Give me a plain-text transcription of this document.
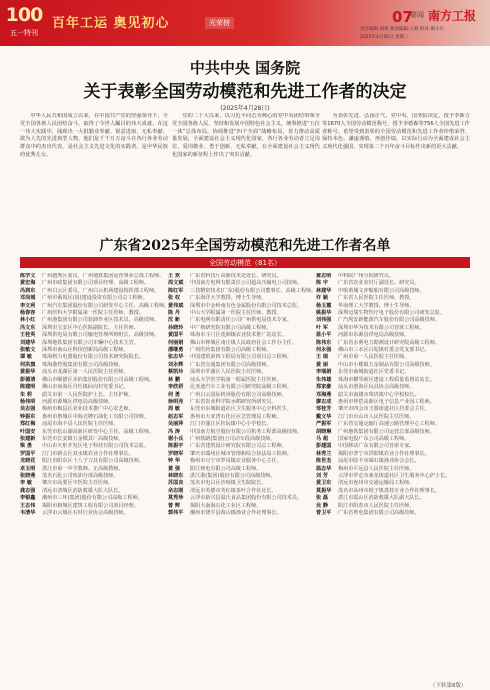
100
五一特刊
百年工运 奥见初心	光荣榜	07
要闻 南方工报
责任编辑:刘爽 版面编辑:王斌 校对:谢小兵
2025年4月30日 星期三
中共中央 国务院
关于表彰全国劳动模范和先进工作者的决定
(2025年4月28日)
中华人民共和国成立以来，在中国共产党的坚强领导下，全党全国各族人民团结奋斗，取得了令世人瞩目的伟大成就。在这一伟大实践中，涌现出一大批勤业奉献、锐意进取、无私奉献、敢为人先的先进典型人物，他们是千千万万奋斗在各行各业劳动群众中的杰出代表，是社会主义先进文化的实践者，是中华民族的优秀儿女。
党的二十大以来，以习近平同志为核心的党中央团结带领全党全国各族人民，坚持和发展中国特色社会主义，统筹推进“五位一体”总体布局，协调推进“四个全面”战略布局，着力推动高质量发展，全面建设社会主义现代化国家，各行各业劳动者立足岗位、爱岗敬业、勇于创新、无私奉献，在全面建设社会主义现代化国家的新征程上作出了突出贡献。
为表彰先进、弘扬正气，党中央、国务院决定，授予李新吉等1670人全国劳动模范称号，授予李德森等756人全国先进工作者称号。希望受到表彰的全国劳动模范和先进工作者珍惜荣誉、保持本色、谦虚谨慎、再创佳绩，以实际行动为全面建成社会主义现代化强国、实现第二个百年奋斗目标作出新的更大贡献。
广东省2025年全国劳动模范和先进工作者名单
全国劳动模范（81名）
陈学文	广州越秀区委员，广州地铁集团运营事业总部工程师。
黄宏海	广州市政集团有限公司项目经理、高级工程师。
冯润东	广州白云区委员，广州白云机场建设指挥部工程师。
邓岗城	广州市番禺区(禺)建设投资有限公司总工程师。
李文利	广州汽车集团股份有限公司研发中心主任、高级工程师。
杨春容	广州医科大学附属第一医院主任医师、教授。
林小红	广州港集团有限公司装卸作业区技术员、高级技师。
冯文东	深圳市宝安区中心医院副院长、主任医师。
王桂英	深圳供电局有限公司输电管理所班组长、高级技师。
刘建华	深圳地铁集团有限公司车辆中心技术主管。
张敏文	深圳市南山区科技创新局高级工程师。
谭 敏	珠海格力电器股份有限公司技术研究院院长。
何洪旗	珠海港控股集团有限公司高级技师。
黄振华	汕头市龙湖区第一人民医院主任医师。
彭德清	佛山市顺德区美的集团股份有限公司高级工程师。
陈建明	佛山市南海区丹灶镇仙岗村党委书记。
朱 莉	韶关市第一人民医院护士长、主任护师。
杨伟明	河源市源城区供电局高级技师。
吴志强	梅州市梅县区农业技术推广中心农艺师。
钟振东	惠州市惠城区中海壳牌石油化工有限公司技师。
郑红梅	汕尾市海丰县人民医院主任医师。
叶国安	东莞市松山湖高新区研发中心主任、高级工程师。
张建新	东莞市长安镇五金模具厂高级技师。
梁 勇	中山市火炬开发区电子科技有限公司技术总监。
罗国平	江门市新会区双水镇农业合作社理事长。
龙晓花	阳江市阳东区十八子刀具有限公司高级技师。
卓玉明	湛江市第一中学教师、正高级教师。
张晓燕	茂名石化公司炼油分部高级技师。
李 敏	肇庆市高要区中医院主任医师。
龚志强	清远市清城区消防救援大队大队长。
李银鑫	潮州市三环(集团)股份有限公司高级工程师。
王志伟	揭阳市榕城区建筑工程有限公司项目经理。
韦清华	云浮市云城区石材行业协会高级技师。
王 欢	广东省科技厅高新技术处处长、研究员。
周文斌	中国南方电网有限责任公司超高压输电公司技师。
陈红军	三技精密技术(广东)股份有限公司董事长、高级工程师。
张 权	广东海洋大学教授、博士生导师。
黄伟斌	深圳市中金岭南有色金属股份有限公司技术总监。
陈 丹	中山大学附属第一医院主任医师、教授。
沈 新	广东电网有限责任公司广州供电局技术专家。
孙晓玲	中广核研究院有限公司高级工程师。
黄国平	珠海市斗门区莲洲镇农业技术推广站站长。
何丽娟	佛山市禅城区南庄镇人民政府社会工作办主任。
潘继勇	广州医药集团有限公司高级工程师。
张志华	中国建筑第四工程局有限公司项目总工程师。
刘永辉	广东省交通集团有限公司高级技师。
蔡凯玲	深圳市罗湖区人民医院主任医师。
林 鹏	汕头大学医学院第一附属医院主任医师。
李欣妍	比亚迪汽车工业有限公司研究院高级工程师。
何 勇	广州白云国际机场股份有限公司高级技师。
徐明亮	广东省农业科学院水稻研究所研究员。
周 敏	东莞市东城街道社区卫生服务中心全科医生。
赵志军	惠州市大亚湾石化区应急管理局工程师。
吴丽萍	江门市蓬江区杜阮镇中心小学校长。
冯 涛	中国南方航空股份有限公司机务工程部高级技师。
谢小兵	广州铁路(集团)公司动车段高级技师。
陈振宇	广东省建筑设计研究院有限公司总工程师。
罗晓军	肇庆市端州区城市管理和综合执法局工程师。
钟 华	梅州市兴宁市罗岗镇农业服务中心主任。
黄 强	阳江核电有限公司高级工程师。
林晓东	湛江港(集团)股份有限公司高级技师。
苏国良	茂名市电白区沙琅镇卫生院院长。
余志刚	清远市英德市英红镇茶叶合作社社长。
莫秀珍	云浮市新兴县温氏食品集团股份有限公司技术员。
曾 辉	揭阳大南海石化工业区工程师。
郭伟平	潮州市饶平县海山镇渔业合作社理事长。
黄志明	中科院广州分院研究员。
陈 宇	广东省农业农村厅副处长、研究员。
林建华	中船黄埔文冲船舶有限公司高级技师。
许 颖	广东省人民医院主任医师、教授。
杨玉霞	华南理工大学教授、博士生导师。
姚振华	深圳迈瑞生物医疗电子股份有限公司研发总监。
刘伟强	广汽埃安新能源汽车股份有限公司高级技师。
叶 军	深圳市华为技术有限公司首席工程师。
蓝小平	河源市东源县供电局高级技师。
陈伟东	广东省水利电力勘测设计研究院高级工程师。
何永强	佛山市三水区白坭镇村委会党支部书记。
王 瑞	广州市第一人民医院主任医师。
黄 丽	中山市小榄镇五金制品有限公司高级技师。
李瑞娟	东莞市南城街道社区党委书记。
朱伟雄	珠海市横琴新区建设工程质量监督站站长。
郑家豪	汕头市澄海区玩具协会高级技师。
邓海燕	韶关市南雄市珠玑镇中心学校校长。
廖志成	惠州市仲恺高新区电子信息产业园工程师。
邹桂芳	肇庆市四会市玉器街道社区居委会主任。
戴文华	江门市台山市人民医院主任医师。
严振军	广东省交通运输厅高速公路管理中心工程师。
胡晓琳	广州地铁集团有限公司运营总部高级技师。
马 超	国家电投广东公司高级工程师。
彭建国	中国移动广东有限公司首席专家。
林秀兰	揭阳市普宁市洪阳镇农业合作社理事长。
陈世杰	汕尾市陆丰市碣石镇渔业协会会长。
温志华	梅州市平远县人民医院主任医师。
刘 芳	云浮市罗定市素龙街道社区卫生服务中心护士长。
黄卫东	清远市连州市交通运输局工程师。
莫振华	茂名市高州市根子镇荔枝专业合作社理事长。
张 磊	湛江市霞山区消防救援大队副大队长。
吴 静	阳江市阳春市人民医院主任医师。
曾卫平	广东省粤电集团有限公司高级技师。
（下转第8版）
